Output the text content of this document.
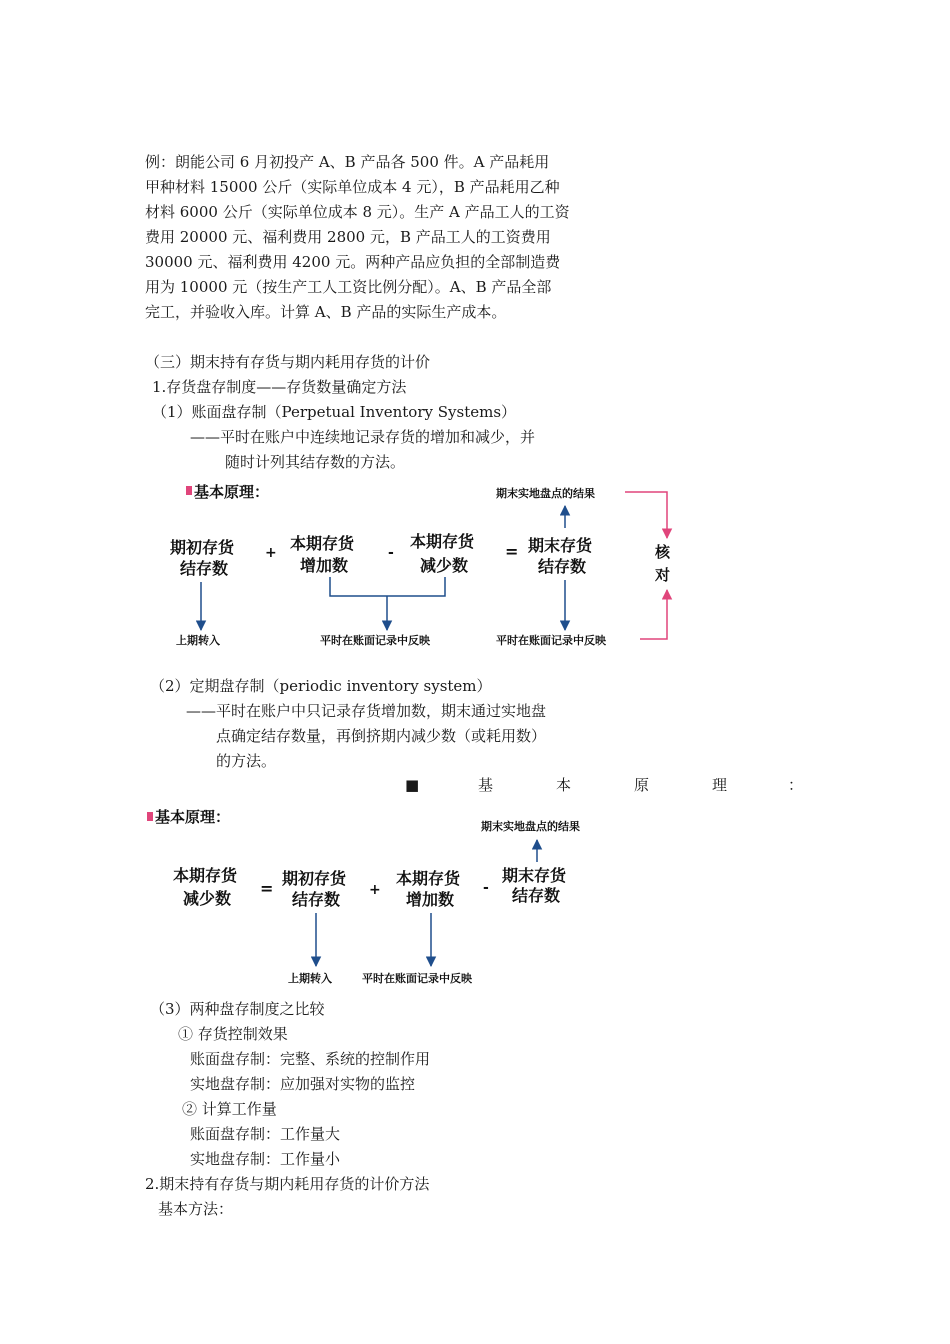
例：朗能公司 6 月初投产 A、B 产品各 500 件。A 产品耗用
甲种材料 15000 公斤（实际单位成本 4 元），B 产品耗用乙种
材料 6000 公斤（实际单位成本 8 元）。生产 A 产品工人的工资
费用 20000 元、福利费用 2800 元，B 产品工人的工资费用
30000 元、福利费用 4200 元。两种产品应负担的全部制造费
用为 10000 元（按生产工人工资比例分配）。A、B 产品全部
完工，并验收入库。计算 A、B 产品的实际生产成本。
（三）期末持有存货与期内耗用存货的计价
1.存货盘存制度——存货数量确定方法
（1）账面盘存制（Perpetual Inventory Systems）
——平时在账户中连续地记录存货的增加和减少，并
随时计列其结存数的方法。
（2）定期盘存制（periodic inventory system）
——平时在账户中只记录存货增加数，期末通过实地盘
点确定结存数量，再倒挤期内减少数（或耗用数）
的方法。
■	基	本	原	理	：
（3）两种盘存制度之比较
① 存货控制效果
账面盘存制：完整、系统的控制作用
实地盘存制：应加强对实物的监控
② 计算工作量
账面盘存制：工作量大
实地盘存制：工作量小
2.期末持有存货与期内耗用存货的计价方法
基本方法：
基本原理：	期末实地盘点的结果
期初存货
结存数
+ 本期存货
增加数
-
本期存货
减少数
= 期末存货
结存数
核
对
上期转入	平时在账面记录中反映	平时在账面记录中反映
基本原理：
期末实地盘点的结果
本期存货
减少数
=
期初存货
结存数 +
本期存货
增加数
-
期末存货
结存数
上期转入	平时在账面记录中反映
